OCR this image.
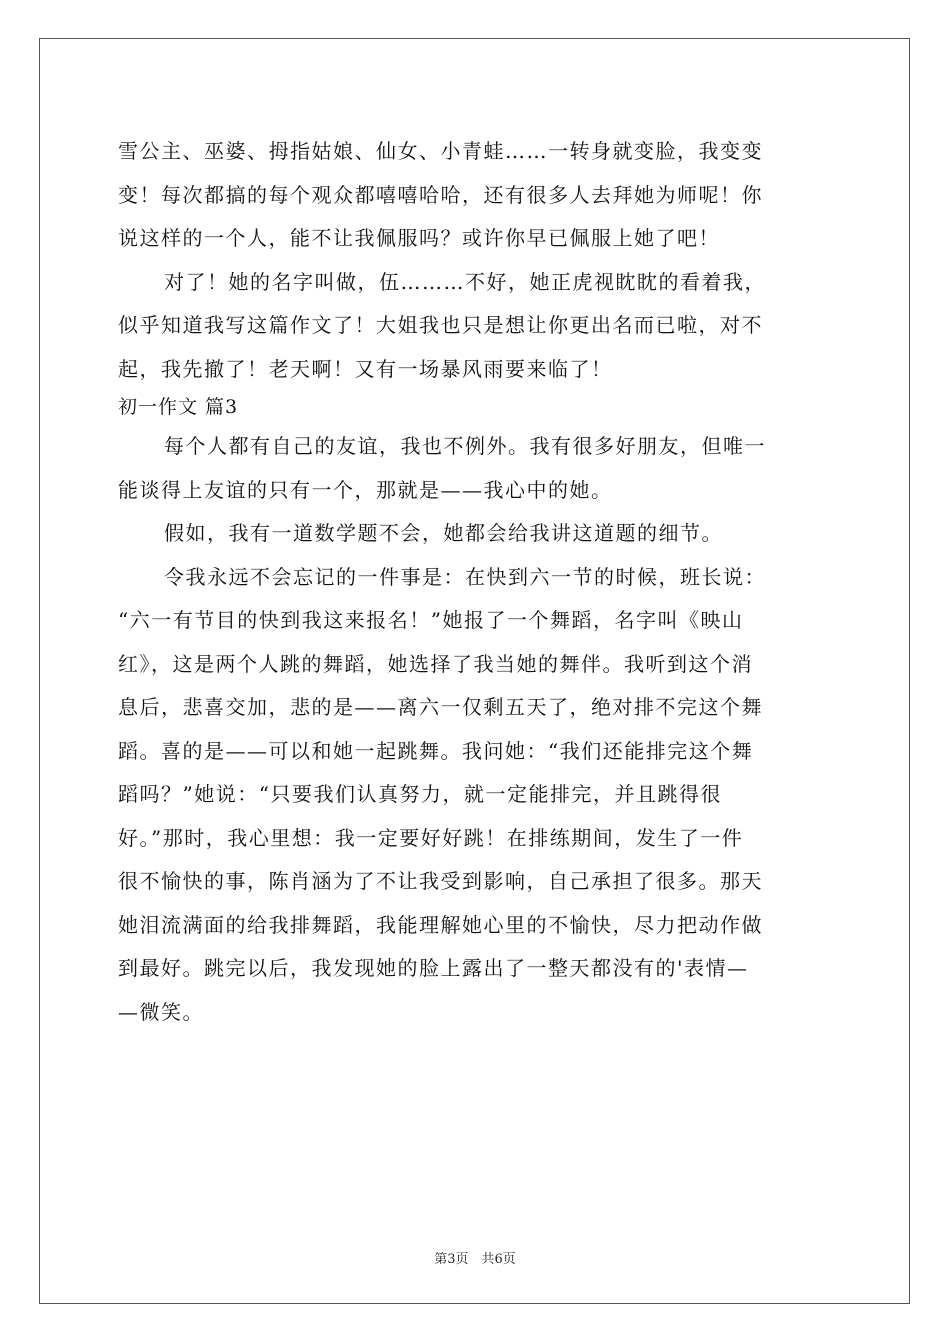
雪公主、巫婆、拇指姑娘、仙女、小青蛙……一转身就变脸，我变变
变！每次都搞的每个观众都嘻嘻哈哈，还有很多人去拜她为师呢！你
说这样的一个人，能不让我佩服吗？或许你早已佩服上她了吧！
对了！她的名字叫做，伍………不好，她正虎视眈眈的看着我，
似乎知道我写这篇作文了！大姐我也只是想让你更出名而已啦，对不
起，我先撤了！老天啊！又有一场暴风雨要来临了！
初一作文 篇3
每个人都有自己的友谊，我也不例外。我有很多好朋友，但唯一
能谈得上友谊的只有一个，那就是——我心中的她。
假如，我有一道数学题不会，她都会给我讲这道题的细节。
令我永远不会忘记的一件事是：在快到六一节的时候，班长说：
“六一有节目的快到我这来报名！”她报了一个舞蹈，名字叫《映山
红》，这是两个人跳的舞蹈，她选择了我当她的舞伴。我听到这个消
息后，悲喜交加，悲的是——离六一仅剩五天了，绝对排不完这个舞
蹈。喜的是——可以和她一起跳舞。我问她：“我们还能排完这个舞
蹈吗？”她说：“只要我们认真努力，就一定能排完，并且跳得很
好。”那时，我心里想：我一定要好好跳！在排练期间，发生了一件
很不愉快的事，陈肖涵为了不让我受到影响，自己承担了很多。那天
她泪流满面的给我排舞蹈，我能理解她心里的不愉快，尽力把动作做
到最好。跳完以后，我发现她的脸上露出了一整天都没有的'表情—
—微笑。
第3页　共6页
